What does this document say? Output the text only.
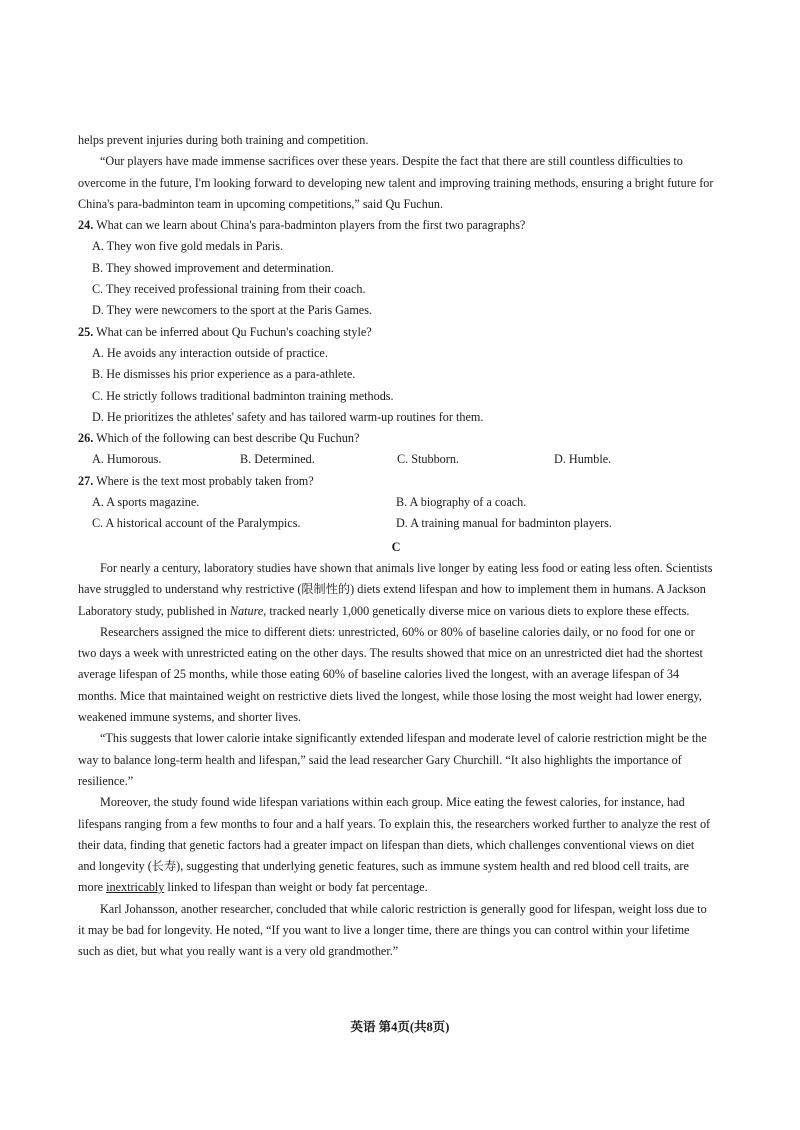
helps prevent injuries during both training and competition.

“Our players have made immense sacrifices over these years. Despite the fact that there are still countless difficulties to overcome in the future, I'm looking forward to developing new talent and improving training methods, ensuring a bright future for China's para-badminton team in upcoming competitions,” said Qu Fuchun.

24. What can we learn about China's para-badminton players from the first two paragraphs?

A. They won five gold medals in Paris.

B. They showed improvement and determination.

C. They received professional training from their coach.

D. They were newcomers to the sport at the Paris Games.

25. What can be inferred about Qu Fuchun's coaching style?

A. He avoids any interaction outside of practice.

B. He dismisses his prior experience as a para-athlete.

C. He strictly follows traditional badminton training methods.

D. He prioritizes the athletes' safety and has tailored warm-up routines for them.

26. Which of the following can best describe Qu Fuchun?

A. Humorous.	B. Determined.	C. Stubborn.	D. Humble.

27. Where is the text most probably taken from?

A. A sports magazine.	B. A biography of a coach.
C. A historical account of the Paralympics.	D. A training manual for badminton players.

C

For nearly a century, laboratory studies have shown that animals live longer by eating less food or eating less often. Scientists have struggled to understand why restrictive (限制性的) diets extend lifespan and how to implement them in humans. A Jackson Laboratory study, published in Nature, tracked nearly 1,000 genetically diverse mice on various diets to explore these effects.

Researchers assigned the mice to different diets: unrestricted, 60% or 80% of baseline calories daily, or no food for one or two days a week with unrestricted eating on the other days. The results showed that mice on an unrestricted diet had the shortest average lifespan of 25 months, while those eating 60% of baseline calories lived the longest, with an average lifespan of 34 months. Mice that maintained weight on restrictive diets lived the longest, while those losing the most weight had lower energy, weakened immune systems, and shorter lives.

“This suggests that lower calorie intake significantly extended lifespan and moderate level of calorie restriction might be the way to balance long-term health and lifespan,” said the lead researcher Gary Churchill. “It also highlights the importance of resilience.”

Moreover, the study found wide lifespan variations within each group. Mice eating the fewest calories, for instance, had lifespans ranging from a few months to four and a half years. To explain this, the researchers worked further to analyze the rest of their data, finding that genetic factors had a greater impact on lifespan than diets, which challenges conventional views on diet and longevity (长寿), suggesting that underlying genetic features, such as immune system health and red blood cell traits, are more inextricably linked to lifespan than weight or body fat percentage.

Karl Johansson, another researcher, concluded that while caloric restriction is generally good for lifespan, weight loss due to it may be bad for longevity. He noted, “If you want to live a longer time, there are things you can control within your lifetime such as diet, but what you really want is a very old grandmother.”

英语 第4页(共8页)
